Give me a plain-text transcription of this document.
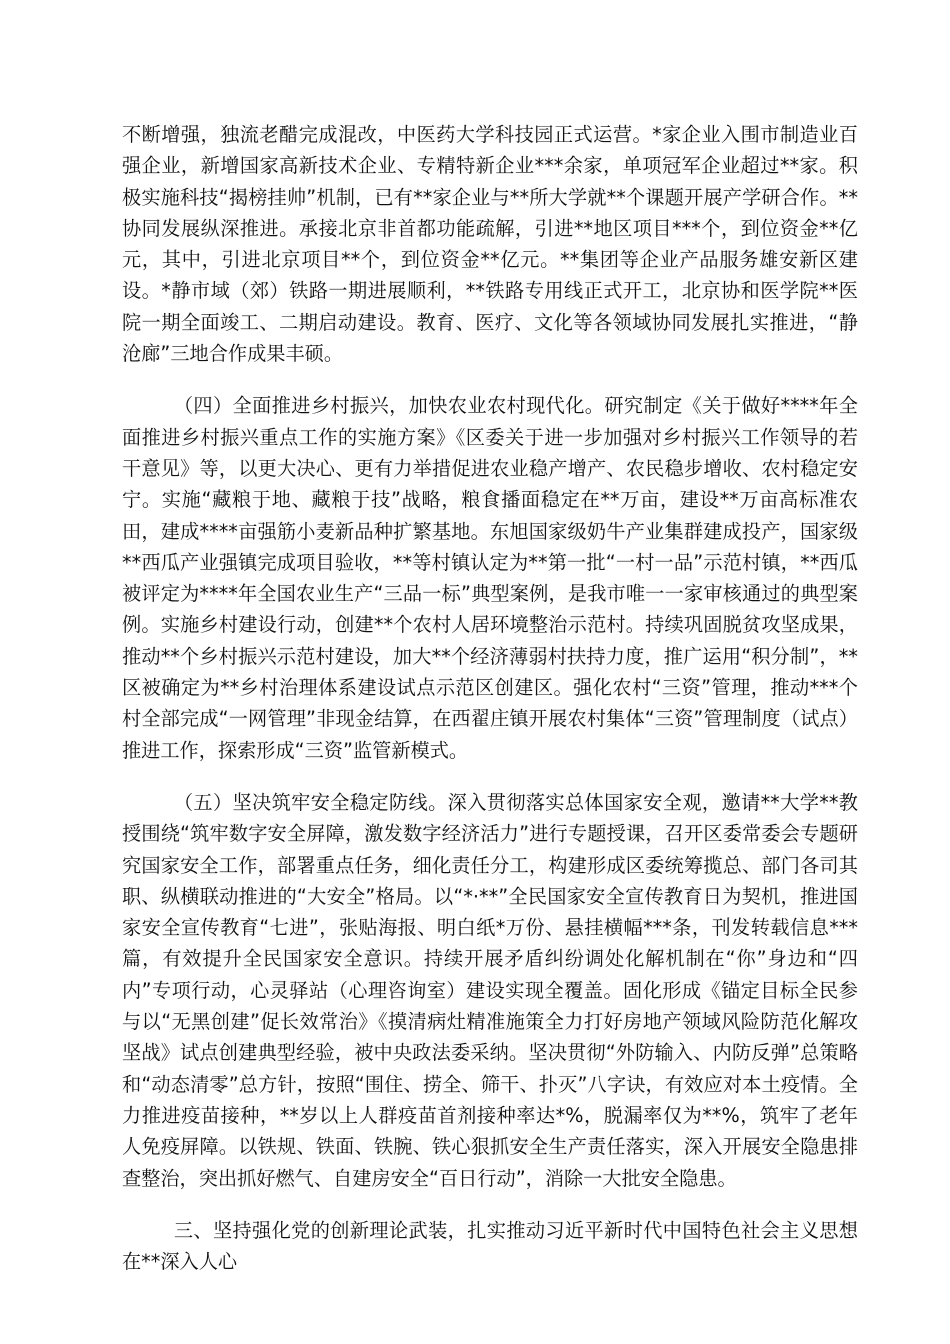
不断增强，独流老醋完成混改，中医药大学科技园正式运营。*家企业入围市制造业百强企业，新增国家高新技术企业、专精特新企业***余家，单项冠军企业超过**家。积极实施科技“揭榜挂帅”机制，已有**家企业与**所大学就**个课题开展产学研合作。**协同发展纵深推进。承接北京非首都功能疏解，引进**地区项目***个，到位资金**亿元，其中，引进北京项目**个，到位资金**亿元。**集团等企业产品服务雄安新区建设。*静市域（郊）铁路一期进展顺利，**铁路专用线正式开工，北京协和医学院**医院一期全面竣工、二期启动建设。教育、医疗、文化等各领域协同发展扎实推进，“静沧廊”三地合作成果丰硕。

（四）全面推进乡村振兴，加快农业农村现代化。研究制定《关于做好****年全面推进乡村振兴重点工作的实施方案》《区委关于进一步加强对乡村振兴工作领导的若干意见》等，以更大决心、更有力举措促进农业稳产增产、农民稳步增收、农村稳定安宁。实施“藏粮于地、藏粮于技”战略，粮食播面稳定在**万亩，建设**万亩高标准农田，建成****亩强筋小麦新品种扩繁基地。东旭国家级奶牛产业集群建成投产，国家级**西瓜产业强镇完成项目验收，**等村镇认定为**第一批“一村一品”示范村镇，**西瓜被评定为****年全国农业生产“三品一标”典型案例，是我市唯一一家审核通过的典型案例。实施乡村建设行动，创建**个农村人居环境整治示范村。持续巩固脱贫攻坚成果，推动**个乡村振兴示范村建设，加大**个经济薄弱村扶持力度，推广运用“积分制”，**区被确定为**乡村治理体系建设试点示范区创建区。强化农村“三资”管理，推动***个村全部完成“一网管理”非现金结算，在西翟庄镇开展农村集体“三资”管理制度（试点）推进工作，探索形成“三资”监管新模式。

（五）坚决筑牢安全稳定防线。深入贯彻落实总体国家安全观，邀请**大学**教授围绕“筑牢数字安全屏障，激发数字经济活力”进行专题授课，召开区委常委会专题研究国家安全工作，部署重点任务，细化责任分工，构建形成区委统筹揽总、部门各司其职、纵横联动推进的“大安全”格局。以“*·**”全民国家安全宣传教育日为契机，推进国家安全宣传教育“七进”，张贴海报、明白纸*万份、悬挂横幅***条，刊发转载信息***篇，有效提升全民国家安全意识。持续开展矛盾纠纷调处化解机制在“你”身边和“四内”专项行动，心灵驿站（心理咨询室）建设实现全覆盖。固化形成《锚定目标全民参与以“无黑创建”促长效常治》《摸清病灶精准施策全力打好房地产领域风险防范化解攻坚战》试点创建典型经验，被中央政法委采纳。坚决贯彻“外防输入、内防反弹”总策略和“动态清零”总方针，按照“围住、捞全、筛干、扑灭”八字诀，有效应对本土疫情。全力推进疫苗接种，**岁以上人群疫苗首剂接种率达*%，脱漏率仅为**%，筑牢了老年人免疫屏障。以铁规、铁面、铁腕、铁心狠抓安全生产责任落实，深入开展安全隐患排查整治，突出抓好燃气、自建房安全“百日行动”，消除一大批安全隐患。

三、坚持强化党的创新理论武装，扎实推动习近平新时代中国特色社会主义思想在**深入人心
